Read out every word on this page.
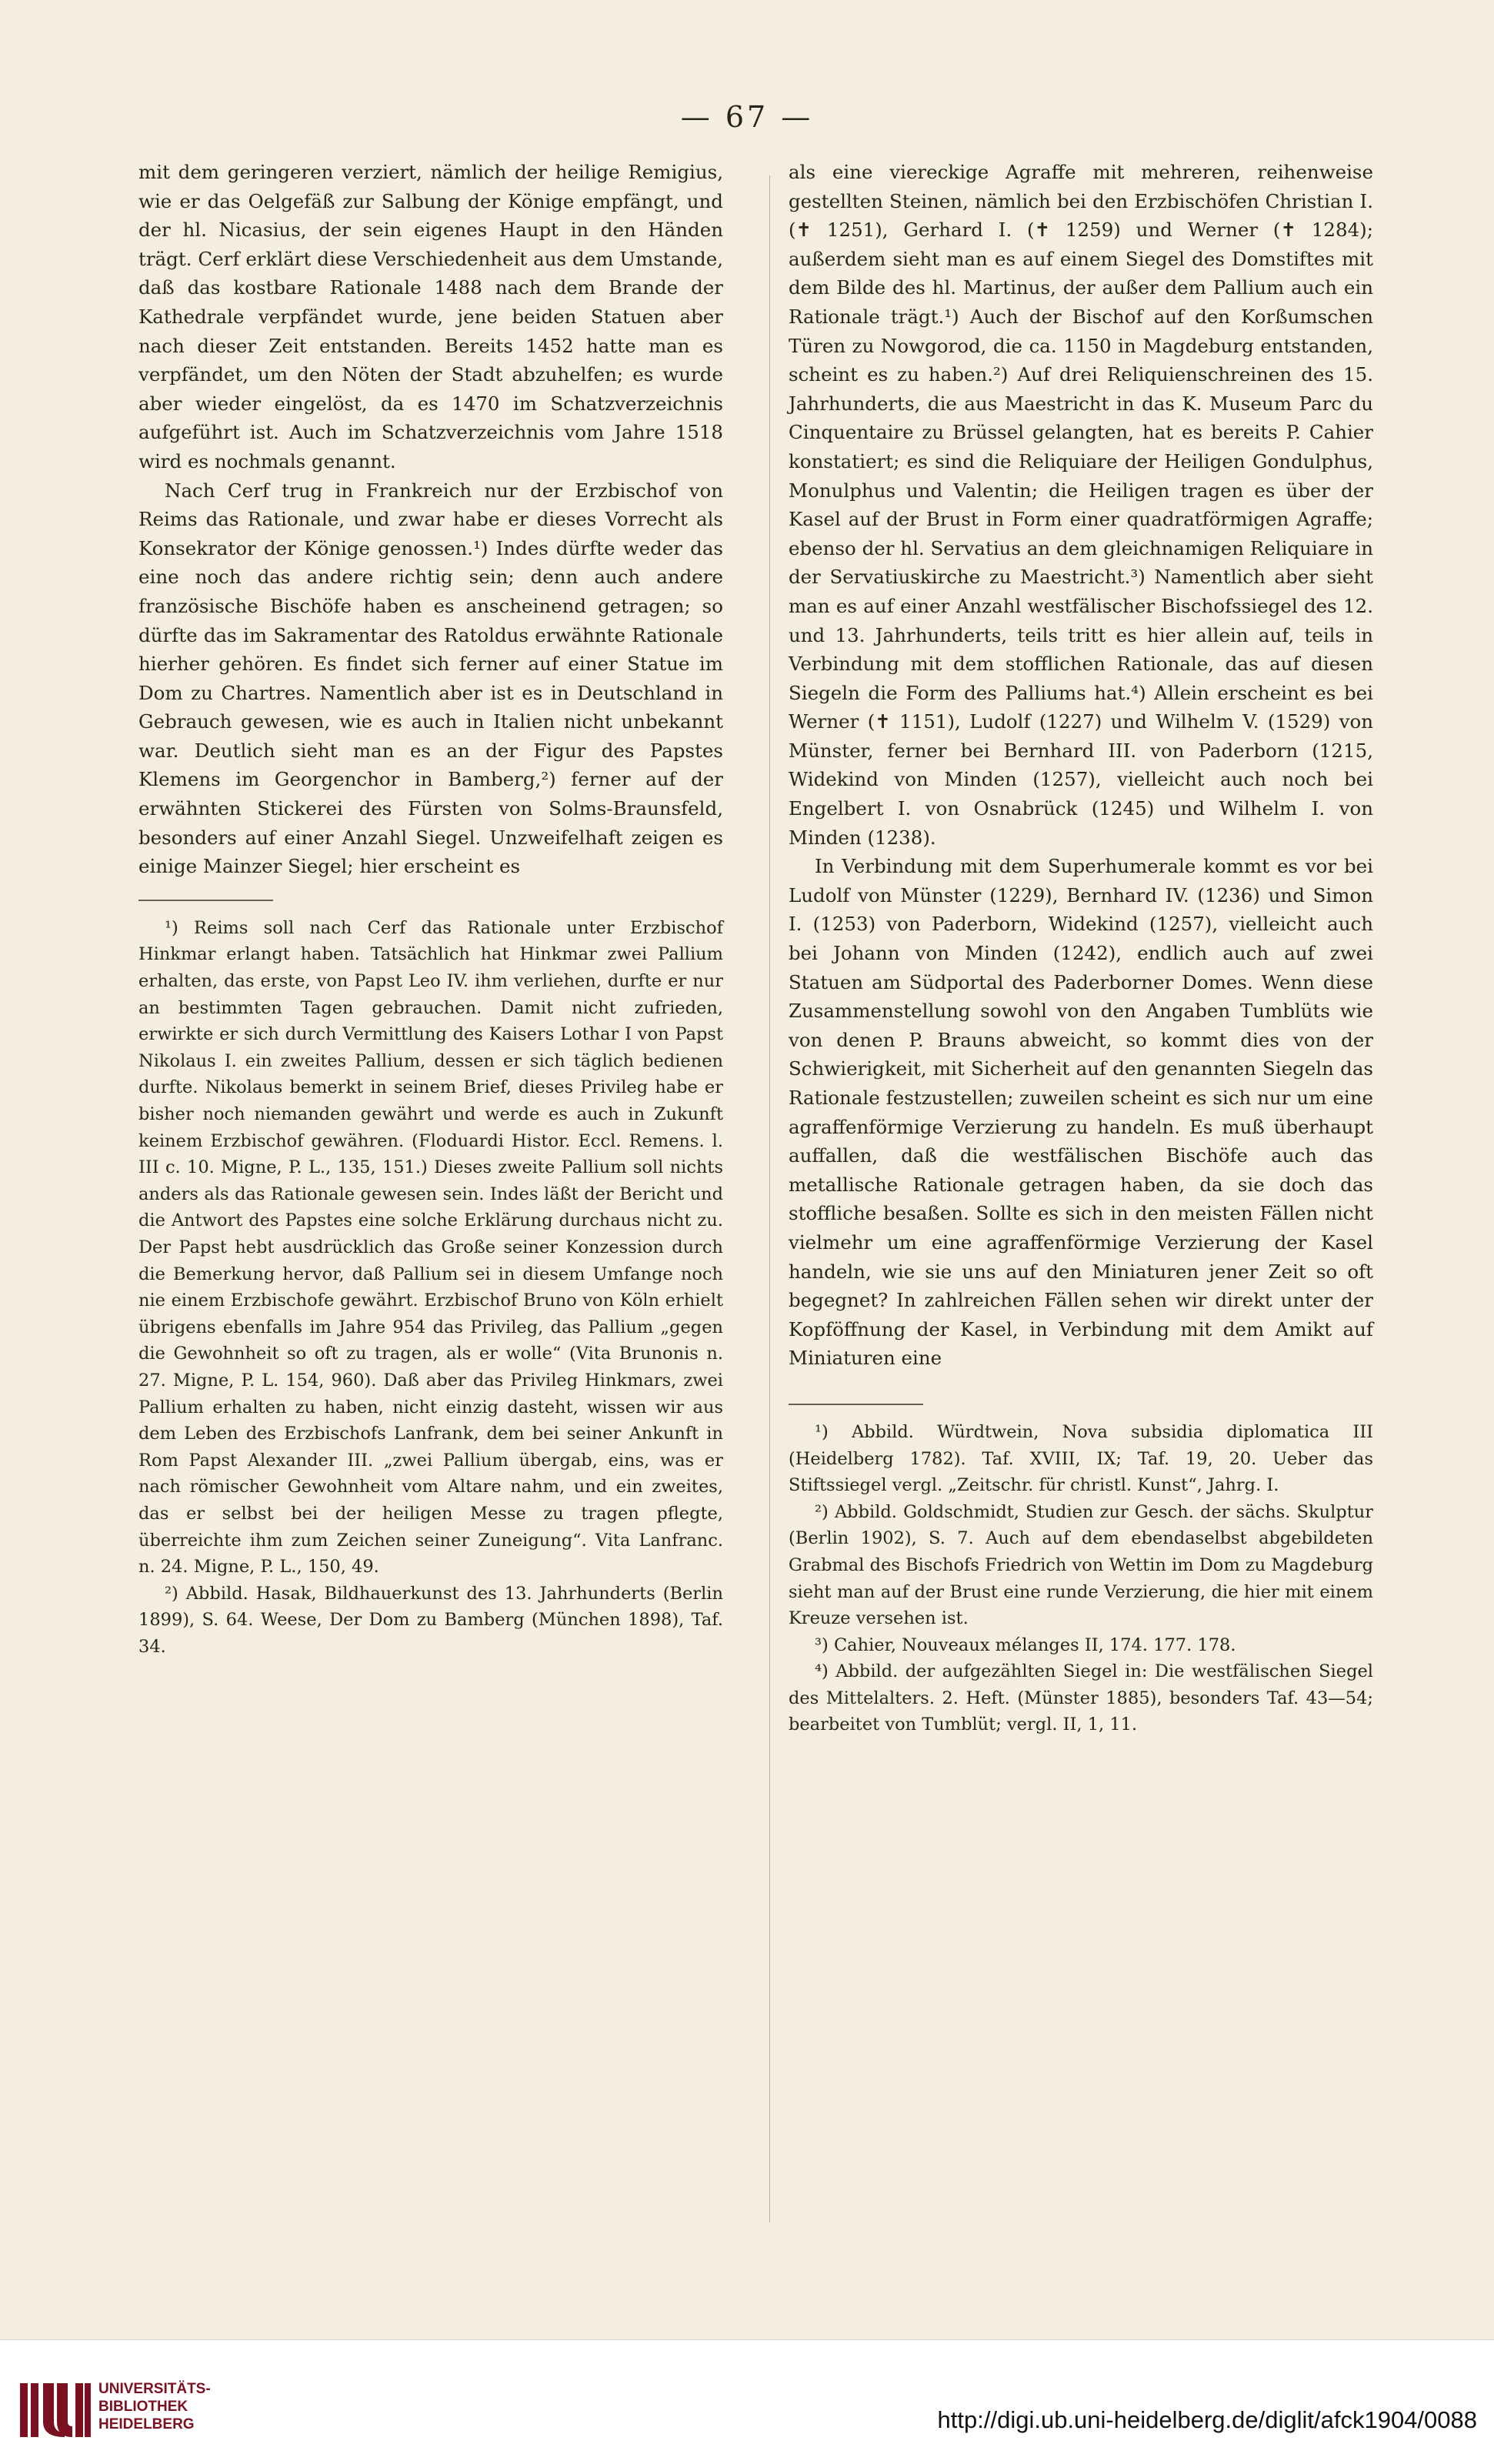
— 67 —

mit dem geringeren verziert, nämlich der heilige Remigius, wie er das Oelgefäß zur Salbung der Könige empfängt, und der hl. Nicasius, der sein eigenes Haupt in den Händen trägt. Cerf erklärt diese Verschiedenheit aus dem Umstande, daß das kostbare Rationale 1488 nach dem Brande der Kathedrale verpfändet wurde, jene beiden Statuen aber nach dieser Zeit entstanden. Bereits 1452 hatte man es verpfändet, um den Nöten der Stadt abzuhelfen; es wurde aber wieder eingelöst, da es 1470 im Schatzverzeichnis aufgeführt ist. Auch im Schatzverzeichnis vom Jahre 1518 wird es nochmals genannt.

Nach Cerf trug in Frankreich nur der Erzbischof von Reims das Rationale, und zwar habe er dieses Vorrecht als Konsekrator der Könige genossen.¹) Indes dürfte weder das eine noch das andere richtig sein; denn auch andere französische Bischöfe haben es anscheinend getragen; so dürfte das im Sakramentar des Ratoldus erwähnte Rationale hierher gehören. Es findet sich ferner auf einer Statue im Dom zu Chartres. Namentlich aber ist es in Deutschland in Gebrauch gewesen, wie es auch in Italien nicht unbekannt war. Deutlich sieht man es an der Figur des Papstes Klemens im Georgenchor in Bamberg,²) ferner auf der erwähnten Stickerei des Fürsten von Solms-Braunsfeld, besonders auf einer Anzahl Siegel. Unzweifelhaft zeigen es einige Mainzer Siegel; hier erscheint es

¹) Reims soll nach Cerf das Rationale unter Erzbischof Hinkmar erlangt haben. Tatsächlich hat Hinkmar zwei Pallium erhalten, das erste, von Papst Leo IV. ihm verliehen, durfte er nur an bestimmten Tagen gebrauchen. Damit nicht zufrieden, erwirkte er sich durch Vermittlung des Kaisers Lothar I von Papst Nikolaus I. ein zweites Pallium, dessen er sich täglich bedienen durfte. Nikolaus bemerkt in seinem Brief, dieses Privileg habe er bisher noch niemanden gewährt und werde es auch in Zukunft keinem Erzbischof gewähren. (Floduardi Histor. Eccl. Remens. l. III c. 10. Migne, P. L., 135, 151.) Dieses zweite Pallium soll nichts anders als das Rationale gewesen sein. Indes läßt der Bericht und die Antwort des Papstes eine solche Erklärung durchaus nicht zu. Der Papst hebt ausdrücklich das Große seiner Konzession durch die Bemerkung hervor, daß Pallium sei in diesem Umfange noch nie einem Erzbischofe gewährt. Erzbischof Bruno von Köln erhielt übrigens ebenfalls im Jahre 954 das Privileg, das Pallium „gegen die Gewohnheit so oft zu tragen, als er wolle“ (Vita Brunonis n. 27. Migne, P. L. 154, 960). Daß aber das Privileg Hinkmars, zwei Pallium erhalten zu haben, nicht einzig dasteht, wissen wir aus dem Leben des Erzbischofs Lanfrank, dem bei seiner Ankunft in Rom Papst Alexander III. „zwei Pallium übergab, eins, was er nach römischer Gewohnheit vom Altare nahm, und ein zweites, das er selbst bei der heiligen Messe zu tragen pflegte, überreichte ihm zum Zeichen seiner Zuneigung“. Vita Lanfranc. n. 24. Migne, P. L., 150, 49.

²) Abbild. Hasak, Bildhauerkunst des 13. Jahrhunderts (Berlin 1899), S. 64. Weese, Der Dom zu Bamberg (München 1898), Taf. 34.

als eine viereckige Agraffe mit mehreren, reihenweise gestellten Steinen, nämlich bei den Erzbischöfen Christian I. (✝ 1251), Gerhard I. (✝ 1259) und Werner (✝ 1284); außerdem sieht man es auf einem Siegel des Domstiftes mit dem Bilde des hl. Martinus, der außer dem Pallium auch ein Rationale trägt.¹) Auch der Bischof auf den Korßumschen Türen zu Nowgorod, die ca. 1150 in Magdeburg entstanden, scheint es zu haben.²) Auf drei Reliquienschreinen des 15. Jahrhunderts, die aus Maestricht in das K. Museum Parc du Cinquentaire zu Brüssel gelangten, hat es bereits P. Cahier konstatiert; es sind die Reliquiare der Heiligen Gondulphus, Monulphus und Valentin; die Heiligen tragen es über der Kasel auf der Brust in Form einer quadratförmigen Agraffe; ebenso der hl. Servatius an dem gleichnamigen Reliquiare in der Servatiuskirche zu Maestricht.³) Namentlich aber sieht man es auf einer Anzahl westfälischer Bischofssiegel des 12. und 13. Jahrhunderts, teils tritt es hier allein auf, teils in Verbindung mit dem stofflichen Rationale, das auf diesen Siegeln die Form des Palliums hat.⁴) Allein erscheint es bei Werner (✝ 1151), Ludolf (1227) und Wilhelm V. (1529) von Münster, ferner bei Bernhard III. von Paderborn (1215, Widekind von Minden (1257), vielleicht auch noch bei Engelbert I. von Osnabrück (1245) und Wilhelm I. von Minden (1238).

In Verbindung mit dem Superhumerale kommt es vor bei Ludolf von Münster (1229), Bernhard IV. (1236) und Simon I. (1253) von Paderborn, Widekind (1257), vielleicht auch bei Johann von Minden (1242), endlich auch auf zwei Statuen am Südportal des Paderborner Domes. Wenn diese Zusammenstellung sowohl von den Angaben Tumblüts wie von denen P. Brauns abweicht, so kommt dies von der Schwierigkeit, mit Sicherheit auf den genannten Siegeln das Rationale festzustellen; zuweilen scheint es sich nur um eine agraffenförmige Verzierung zu handeln. Es muß überhaupt auffallen, daß die westfälischen Bischöfe auch das metallische Rationale getragen haben, da sie doch das stoffliche besaßen. Sollte es sich in den meisten Fällen nicht vielmehr um eine agraffenförmige Verzierung der Kasel handeln, wie sie uns auf den Miniaturen jener Zeit so oft begegnet? In zahlreichen Fällen sehen wir direkt unter der Kopföffnung der Kasel, in Verbindung mit dem Amikt auf Miniaturen eine

¹) Abbild. Würdtwein, Nova subsidia diplomatica III (Heidelberg 1782). Taf. XVIII, IX; Taf. 19, 20. Ueber das Stiftssiegel vergl. „Zeitschr. für christl. Kunst“, Jahrg. I.

²) Abbild. Goldschmidt, Studien zur Gesch. der sächs. Skulptur (Berlin 1902), S. 7. Auch auf dem ebendaselbst abgebildeten Grabmal des Bischofs Friedrich von Wettin im Dom zu Magdeburg sieht man auf der Brust eine runde Verzierung, die hier mit einem Kreuze versehen ist.

³) Cahier, Nouveaux mélanges II, 174. 177. 178.

⁴) Abbild. der aufgezählten Siegel in: Die westfälischen Siegel des Mittelalters. 2. Heft. (Münster 1885), besonders Taf. 43—54; bearbeitet von Tumblüt; vergl. II, 1, 11.

UNIVERSITÄTS-
BIBLIOTHEK
HEIDELBERG	http://digi.ub.uni-heidelberg.de/diglit/afck1904/0088
